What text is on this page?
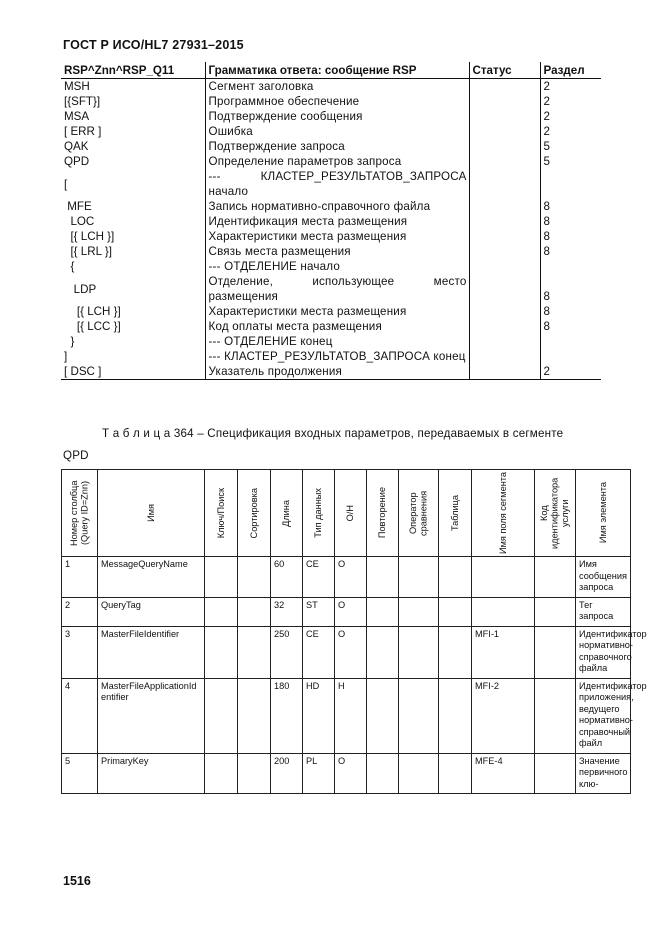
ГОСТ Р ИСО/HL7 27931–2015
RSP^Znn^RSP_Q11	Грамматика ответа: сообщение RSP	Статус	Раздел
MSH	Сегмент заголовка		2
[{SFT}]	Программное обеспечение		2
MSA	Подтверждение сообщения		2
[ ERR ]	Ошибка		2
QAK	Подтверждение запроса		5
QPD	Определение параметров запроса		5
[	--- КЛАСТЕР_РЕЗУЛЬТАТОВ_ЗАПРОСА начало		
MFE	Запись нормативно-справочного файла		8
LOC	Идентификация места размещения		8
[{ LCH }]	Характеристики места размещения		8
[{ LRL }]	Связь места размещения		8
{	--- ОТДЕЛЕНИЕ начало		
LDP	Отделение, использующее место размещения		8
[{ LCH }]	Характеристики места размещения		8
[{ LCC }]	Код оплаты места размещения		8
}	--- ОТДЕЛЕНИЕ конец		
]	--- КЛАСТЕР_РЕЗУЛЬТАТОВ_ЗАПРОСА конец		
[ DSC ]	Указатель продолжения		2
Т а б л и ц а 364 – Спецификация входных параметров, передаваемых в сегменте
QPD
Номер столбца (Query ID=Znn)	Имя	Ключ/Поиск	Сортировка	Длина	Тип данных	О/Н	Повторение	Оператор сравнения	Таблица	Имя поля сегмента	Код идентификатора услуги	Имя элемента

1	MessageQueryName			60	CE	O						Имя сообщения запроса
2	QueryTag			32	ST	O						Тег запроса
3	MasterFileIdentifier			250	CE	O				MFI-1		Идентификатор нормативно-справочного файла
4	MasterFileApplicationIdentifier			180	HD	H				MFI-2		Идентификатор приложения, ведущего нормативно-справочный файл
5	PrimaryKey			200	PL	O				MFE-4		Значение первичного клю-
1516
